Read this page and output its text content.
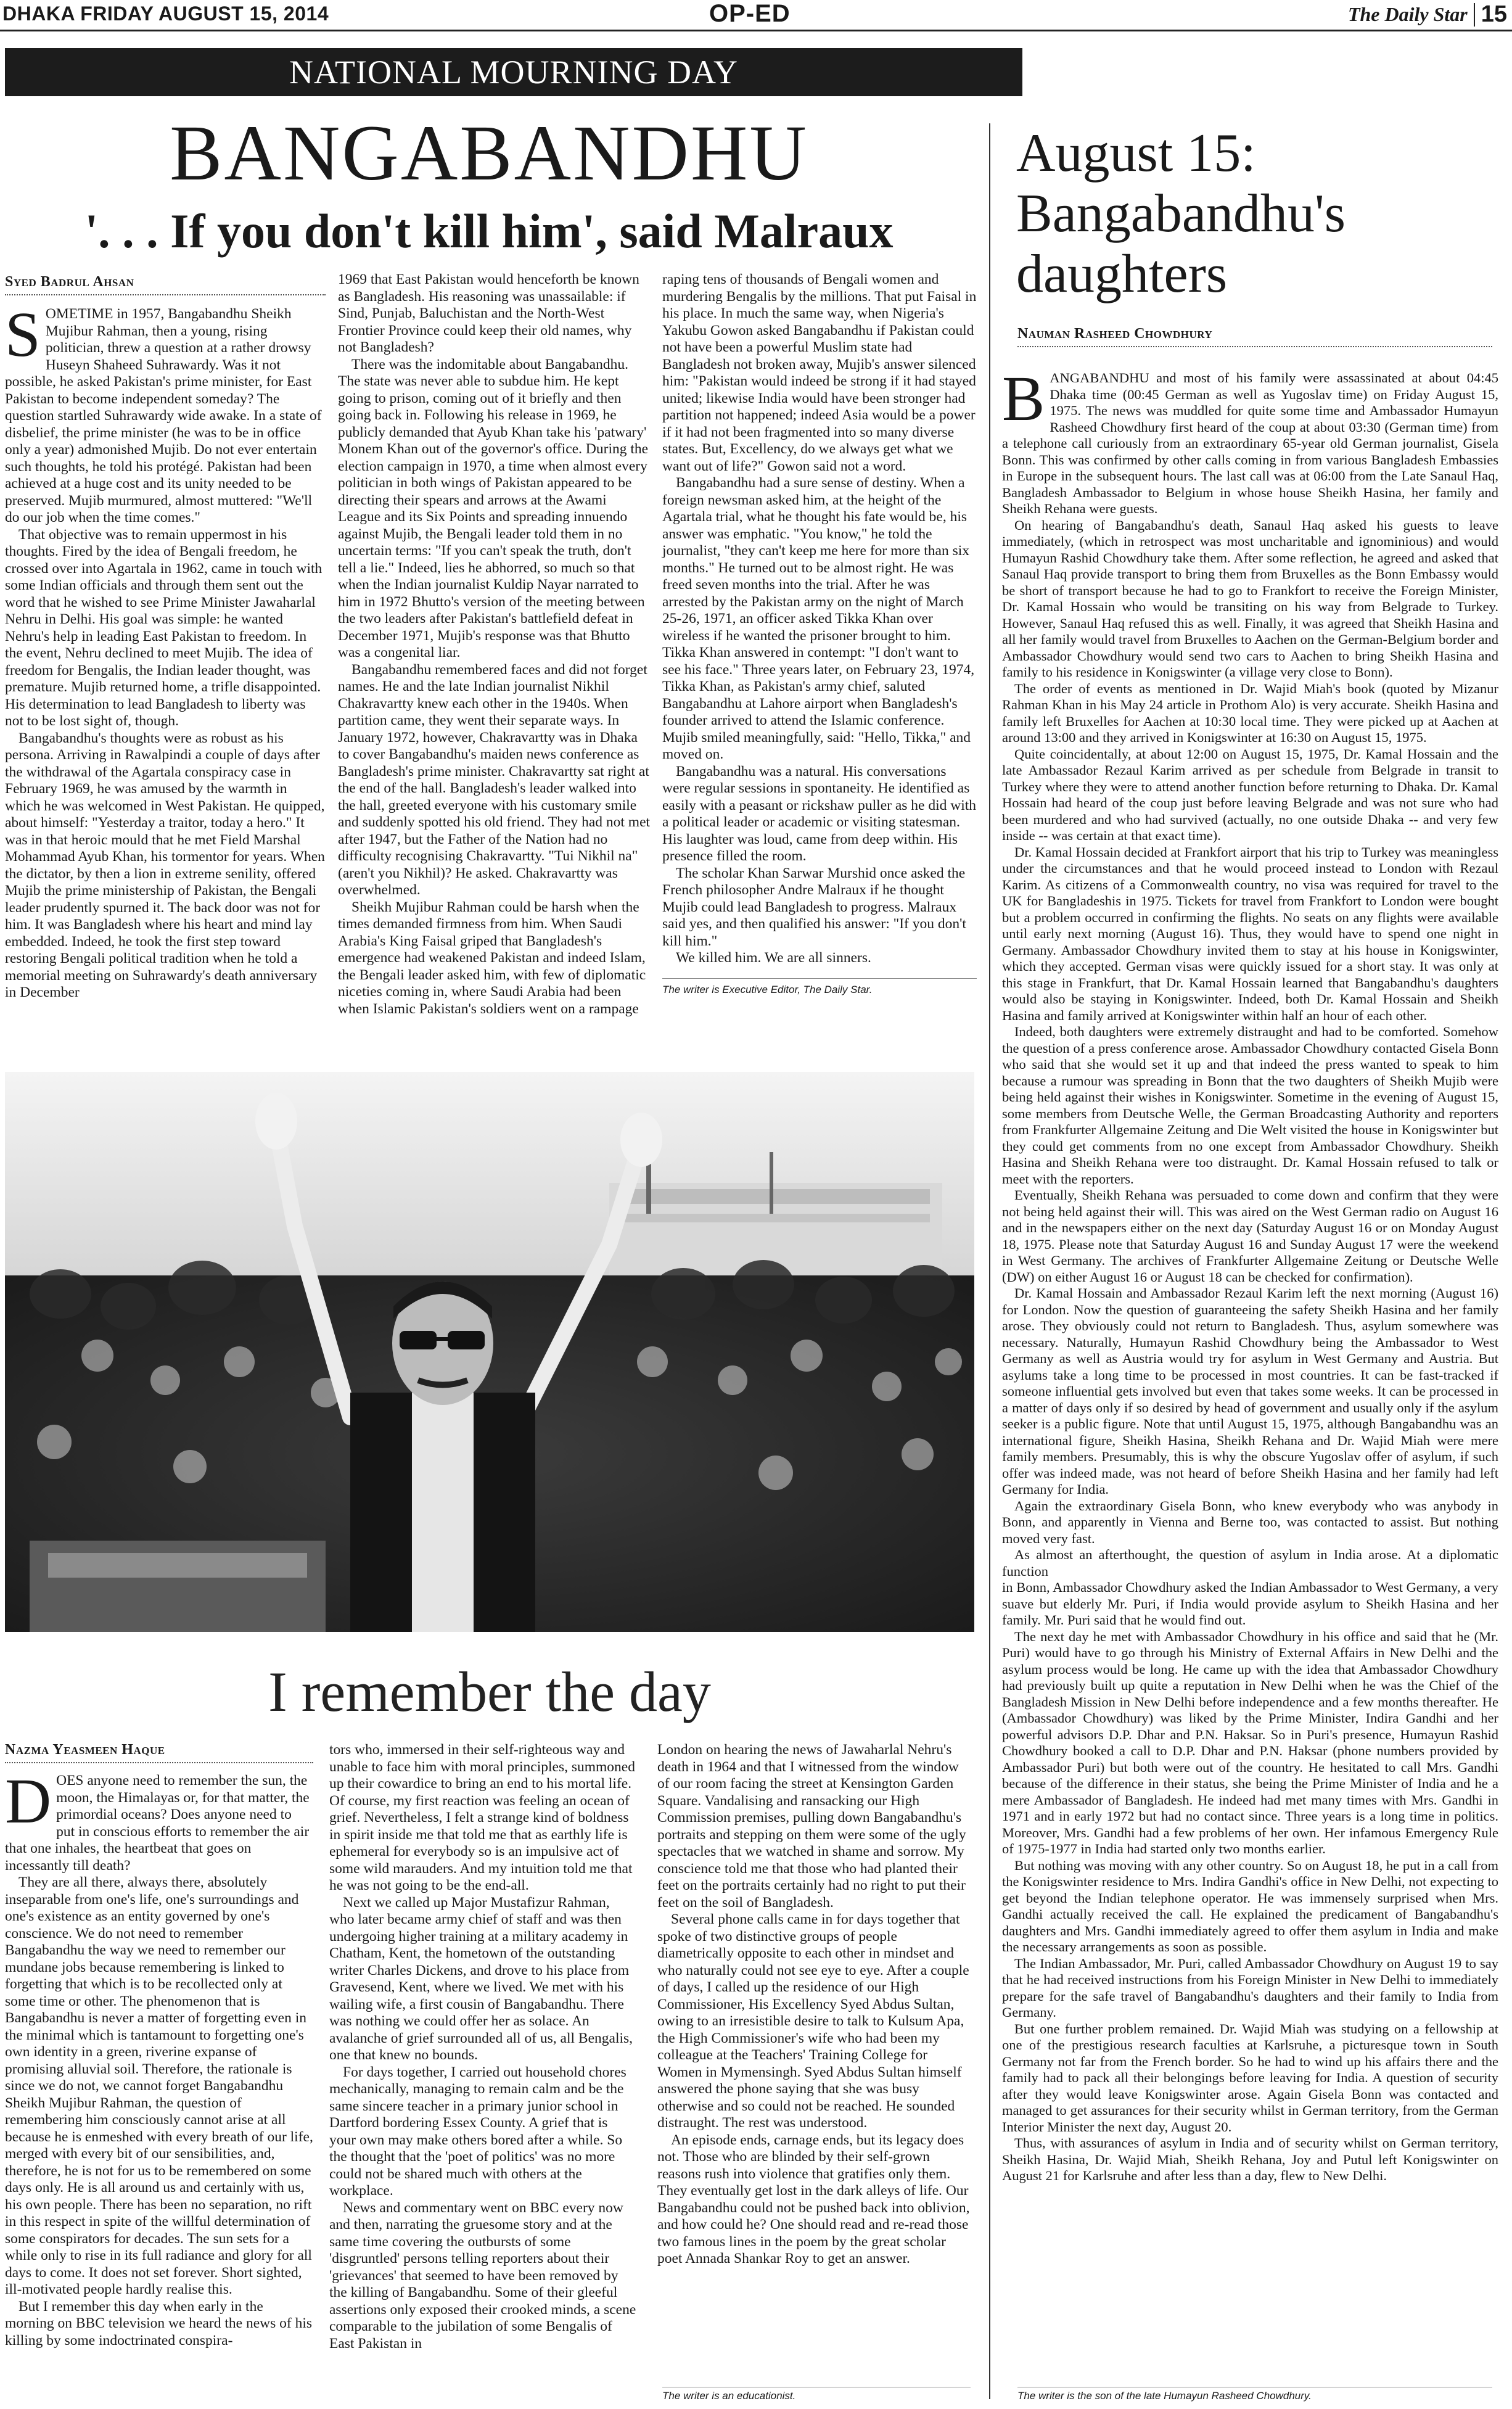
DHAKA FRIDAY AUGUST 15, 2014	OP-ED	The Daily Star 15
NATIONAL MOURNING DAY
BANGABANDHU
'. . . If you don't kill him', said Malraux
Syed Badrul Ahsan

SOMETIME in 1957, Bangabandhu Sheikh Mujibur Rahman, then a young, rising politician, threw a question at a rather drowsy Huseyn Shaheed Suhrawardy. Was it not possible, he asked Pakistan's prime minister, for East Pakistan to become independent someday? The question startled Suhrawardy wide awake. In a state of disbelief, the prime minister (he was to be in office only a year) admonished Mujib. Do not ever entertain such thoughts, he told his protégé. Pakistan had been achieved at a huge cost and its unity needed to be preserved. Mujib murmured, almost muttered: "We'll do our job when the time comes."

That objective was to remain uppermost in his thoughts. Fired by the idea of Bengali freedom, he crossed over into Agartala in 1962, came in touch with some Indian officials and through them sent out the word that he wished to see Prime Minister Jawaharlal Nehru in Delhi. His goal was simple: he wanted Nehru's help in leading East Pakistan to freedom. In the event, Nehru declined to meet Mujib. The idea of freedom for Bengalis, the Indian leader thought, was premature. Mujib returned home, a trifle disappointed. His determination to lead Bangladesh to liberty was not to be lost sight of, though.

Bangabandhu's thoughts were as robust as his persona. Arriving in Rawalpindi a couple of days after the withdrawal of the Agartala conspiracy case in February 1969, he was amused by the warmth in which he was welcomed in West Pakistan. He quipped, about himself: "Yesterday a traitor, today a hero." It was in that heroic mould that he met Field Marshal Mohammad Ayub Khan, his tormentor for years. When the dictator, by then a lion in extreme senility, offered Mujib the prime ministership of Pakistan, the Bengali leader prudently spurned it. The back door was not for him. It was Bangladesh where his heart and mind lay embedded. Indeed, he took the first step toward restoring Bengali political tradition when he told a memorial meeting on Suhrawardy's death anniversary in December

1969 that East Pakistan would henceforth be known as Bangladesh. His reasoning was unassailable: if Sind, Punjab, Baluchistan and the North-West Frontier Province could keep their old names, why not Bangladesh?

There was the indomitable about Bangabandhu. The state was never able to subdue him. He kept going to prison, coming out of it briefly and then going back in. Following his release in 1969, he publicly demanded that Ayub Khan take his 'patwary' Monem Khan out of the governor's office. During the election campaign in 1970, a time when almost every politician in both wings of Pakistan appeared to be directing their spears and arrows at the Awami League and its Six Points and spreading innuendo against Mujib, the Bengali leader told them in no uncertain terms: "If you can't speak the truth, don't tell a lie." Indeed, lies he abhorred, so much so that when the Indian journalist Kuldip Nayar narrated to him in 1972 Bhutto's version of the meeting between the two leaders after Pakistan's battlefield defeat in December 1971, Mujib's response was that Bhutto was a congenital liar.

Bangabandhu remembered faces and did not forget names. He and the late Indian journalist Nikhil Chakravartty knew each other in the 1940s. When partition came, they went their separate ways. In January 1972, however, Chakravartty was in Dhaka to cover Bangabandhu's maiden news conference as Bangladesh's prime minister. Chakravartty sat right at the end of the hall. Bangladesh's leader walked into the hall, greeted everyone with his customary smile and suddenly spotted his old friend. They had not met after 1947, but the Father of the Nation had no difficulty recognising Chakravartty. "Tui Nikhil na" (aren't you Nikhil)? He asked. Chakravartty was overwhelmed.

Sheikh Mujibur Rahman could be harsh when the times demanded firmness from him. When Saudi Arabia's King Faisal griped that Bangladesh's emergence had weakened Pakistan and indeed Islam, the Bengali leader asked him, with few of diplomatic niceties coming in, where Saudi Arabia had been when Islamic Pakistan's soldiers went on a rampage

raping tens of thousands of Bengali women and murdering Bengalis by the millions. That put Faisal in his place. In much the same way, when Nigeria's Yakubu Gowon asked Bangabandhu if Pakistan could not have been a powerful Muslim state had Bangladesh not broken away, Mujib's answer silenced him: "Pakistan would indeed be strong if it had stayed united; likewise India would have been stronger had partition not happened; indeed Asia would be a power if it had not been fragmented into so many diverse states. But, Excellency, do we always get what we want out of life?" Gowon said not a word.

Bangabandhu had a sure sense of destiny. When a foreign newsman asked him, at the height of the Agartala trial, what he thought his fate would be, his answer was emphatic. "You know," he told the journalist, "they can't keep me here for more than six months." He turned out to be almost right. He was freed seven months into the trial. After he was arrested by the Pakistan army on the night of March 25-26, 1971, an officer asked Tikka Khan over wireless if he wanted the prisoner brought to him. Tikka Khan answered in contempt: "I don't want to see his face." Three years later, on February 23, 1974, Tikka Khan, as Pakistan's army chief, saluted Bangabandhu at Lahore airport when Bangladesh's founder arrived to attend the Islamic conference. Mujib smiled meaningfully, said: "Hello, Tikka," and moved on.

Bangabandhu was a natural. His conversations were regular sessions in spontaneity. He identified as easily with a peasant or rickshaw puller as he did with a political leader or academic or visiting statesman. His laughter was loud, came from deep within. His presence filled the room.

The scholar Khan Sarwar Murshid once asked the French philosopher Andre Malraux if he thought Mujib could lead Bangladesh to progress. Malraux said yes, and then qualified his answer: "If you don't kill him."

We killed him. We are all sinners.

The writer is Executive Editor, The Daily Star.
I remember the day
Nazma Yeasmeen Haque

DOES anyone need to remember the sun, the moon, the Himalayas or, for that matter, the primordial oceans? Does anyone need to put in conscious efforts to remember the air that one inhales, the heartbeat that goes on incessantly till death?

They are all there, always there, absolutely inseparable from one's life, one's surroundings and one's existence as an entity governed by one's conscience. We do not need to remember Bangabandhu the way we need to remember our mundane jobs because remembering is linked to forgetting that which is to be recollected only at some time or other. The phenomenon that is Bangabandhu is never a matter of forgetting even in the minimal which is tantamount to forgetting one's own identity in a green, riverine expanse of promising alluvial soil. Therefore, the rationale is since we do not, we cannot forget Bangabandhu Sheikh Mujibur Rahman, the question of remembering him consciously cannot arise at all because he is enmeshed with every breath of our life, merged with every bit of our sensibilities, and, therefore, he is not for us to be remembered on some days only. He is all around us and certainly with us, his own people. There has been no separation, no rift in this respect in spite of the willful determination of some conspirators for decades. The sun sets for a while only to rise in its full radiance and glory for all days to come. It does not set forever. Short sighted, ill-motivated people hardly realise this.

But I remember this day when early in the morning on BBC television we heard the news of his killing by some indoctrinated conspira-

tors who, immersed in their self-righteous way and unable to face him with moral principles, summoned up their cowardice to bring an end to his mortal life. Of course, my first reaction was feeling an ocean of grief. Nevertheless, I felt a strange kind of boldness in spirit inside me that told me that as earthly life is ephemeral for everybody so is an impulsive act of some wild marauders. And my intuition told me that he was not going to be the end-all.

Next we called up Major Mustafizur Rahman, who later became army chief of staff and was then undergoing higher training at a military academy in Chatham, Kent, the hometown of the outstanding writer Charles Dickens, and drove to his place from Gravesend, Kent, where we lived. We met with his wailing wife, a first cousin of Bangabandhu. There was nothing we could offer her as solace. An avalanche of grief surrounded all of us, all Bengalis, one that knew no bounds.

For days together, I carried out household chores mechanically, managing to remain calm and be the same sincere teacher in a primary junior school in Dartford bordering Essex County. A grief that is your own may make others bored after a while. So the thought that the 'poet of politics' was no more could not be shared much with others at the workplace.

News and commentary went on BBC every now and then, narrating the gruesome story and at the same time covering the outbursts of some 'disgruntled' persons telling reporters about their 'grievances' that seemed to have been removed by the killing of Bangabandhu. Some of their gleeful assertions only exposed their crooked minds, a scene comparable to the jubilation of some Bengalis of East Pakistan in

London on hearing the news of Jawaharlal Nehru's death in 1964 and that I witnessed from the window of our room facing the street at Kensington Garden Square. Vandalising and ransacking our High Commission premises, pulling down Bangabandhu's portraits and stepping on them were some of the ugly spectacles that we watched in shame and sorrow. My conscience told me that those who had planted their feet on the portraits certainly had no right to put their feet on the soil of Bangladesh.

Several phone calls came in for days together that spoke of two distinctive groups of people diametrically opposite to each other in mindset and who naturally could not see eye to eye. After a couple of days, I called up the residence of our High Commissioner, His Excellency Syed Abdus Sultan, owing to an irresistible desire to talk to Kulsum Apa, the High Commissioner's wife who had been my colleague at the Teachers' Training College for Women in Mymensingh. Syed Abdus Sultan himself answered the phone saying that she was busy otherwise and so could not be reached. He sounded distraught. The rest was understood.

An episode ends, carnage ends, but its legacy does not. Those who are blinded by their self-grown reasons rush into violence that gratifies only them. They eventually get lost in the dark alleys of life. Our Bangabandhu could not be pushed back into oblivion, and how could he? One should read and re-read those two famous lines in the poem by the great scholar poet Annada Shankar Roy to get an answer.

The writer is an educationist.
August 15: Bangabandhu's daughters
Nauman Rasheed Chowdhury

BANGABANDHU and most of his family were assassinated at about 04:45 Dhaka time (00:45 German as well as Yugoslav time) on Friday August 15, 1975. The news was muddled for quite some time and Ambassador Humayun Rasheed Chowdhury first heard of the coup at about 03:30 (German time) from a telephone call curiously from an extraordinary 65-year old German journalist, Gisela Bonn. This was confirmed by other calls coming in from various Bangladesh Embassies in Europe in the subsequent hours. The last call was at 06:00 from the Late Sanaul Haq, Bangladesh Ambassador to Belgium in whose house Sheikh Hasina, her family and Sheikh Rehana were guests.

On hearing of Bangabandhu's death, Sanaul Haq asked his guests to leave immediately, (which in retrospect was most uncharitable and ignominious) and would Humayun Rashid Chowdhury take them. After some reflection, he agreed and asked that Sanaul Haq provide transport to bring them from Bruxelles as the Bonn Embassy would be short of transport because he had to go to Frankfort to receive the Foreign Minister, Dr. Kamal Hossain who would be transiting on his way from Belgrade to Turkey. However, Sanaul Haq refused this as well. Finally, it was agreed that Sheikh Hasina and all her family would travel from Bruxelles to Aachen on the German-Belgium border and Ambassador Chowdhury would send two cars to Aachen to bring Sheikh Hasina and family to his residence in Konigswinter (a village very close to Bonn).

The order of events as mentioned in Dr. Wajid Miah's book (quoted by Mizanur Rahman Khan in his May 24 article in Prothom Alo) is very accurate. Sheikh Hasina and family left Bruxelles for Aachen at 10:30 local time. They were picked up at Aachen at around 13:00 and they arrived in Konigswinter at 16:30 on August 15, 1975.

Quite coincidentally, at about 12:00 on August 15, 1975, Dr. Kamal Hossain and the late Ambassador Rezaul Karim arrived as per schedule from Belgrade in transit to Turkey where they were to attend another function before returning to Dhaka. Dr. Kamal Hossain had heard of the coup just before leaving Belgrade and was not sure who had been murdered and who had survived (actually, no one outside Dhaka -- and very few inside -- was certain at that exact time).

Dr. Kamal Hossain decided at Frankfort airport that his trip to Turkey was meaningless under the circumstances and that he would proceed instead to London with Rezaul Karim. As citizens of a Commonwealth country, no visa was required for travel to the UK for Bangladeshis in 1975. Tickets for travel from Frankfort to London were bought but a problem occurred in confirming the flights. No seats on any flights were available until early next morning (August 16). Thus, they would have to spend one night in Germany. Ambassador Chowdhury invited them to stay at his house in Konigswinter, which they accepted. German visas were quickly issued for a short stay. It was only at this stage in Frankfurt, that Dr. Kamal Hossain learned that Bangabandhu's daughters would also be staying in Konigswinter. Indeed, both Dr. Kamal Hossain and Sheikh Hasina and family arrived at Konigswinter within half an hour of each other.

Indeed, both daughters were extremely distraught and had to be comforted. Somehow the question of a press conference arose. Ambassador Chowdhury contacted Gisela Bonn who said that she would set it up and that indeed the press wanted to speak to him because a rumour was spreading in Bonn that the two daughters of Sheikh Mujib were being held against their wishes in Konigswinter. Sometime in the evening of August 15, some members from Deutsche Welle, the German Broadcasting Authority and reporters from Frankfurter Allgemaine Zeitung and Die Welt visited the house in Konigswinter but they could get comments from no one except from Ambassador Chowdhury. Sheikh Hasina and Sheikh Rehana were too distraught. Dr. Kamal Hossain refused to talk or meet with the reporters.

Eventually, Sheikh Rehana was persuaded to come down and confirm that they were not being held against their will. This was aired on the West German radio on August 16 and in the newspapers either on the next day (Saturday August 16 or on Monday August 18, 1975. Please note that Saturday August 16 and Sunday August 17 were the weekend in West Germany. The archives of Frankfurter Allgemaine Zeitung or Deutsche Welle (DW) on either August 16 or August 18 can be checked for confirmation).

Dr. Kamal Hossain and Ambassador Rezaul Karim left the next morning (August 16) for London. Now the question of guaranteeing the safety Sheikh Hasina and her family arose. They obviously could not return to Bangladesh. Thus, asylum somewhere was necessary. Naturally, Humayun Rashid Chowdhury being the Ambassador to West Germany as well as Austria would try for asylum in West Germany and Austria. But asylums take a long time to be processed in most countries. It can be fast-tracked if someone influential gets involved but even that takes some weeks. It can be processed in a matter of days only if so desired by head of government and usually only if the asylum seeker is a public figure. Note that until August 15, 1975, although Bangabandhu was an international figure, Sheikh Hasina, Sheikh Rehana and Dr. Wajid Miah were mere family members. Presumably, this is why the obscure Yugoslav offer of asylum, if such offer was indeed made, was not heard of before Sheikh Hasina and her family had left Germany for India.

Again the extraordinary Gisela Bonn, who knew everybody who was anybody in Bonn, and apparently in Vienna and Berne too, was contacted to assist. But nothing moved very fast.

As almost an afterthought, the question of asylum in India arose. At a diplomatic function

in Bonn, Ambassador Chowdhury asked the Indian Ambassador to West Germany, a very suave but elderly Mr. Puri, if India would provide asylum to Sheikh Hasina and her family. Mr. Puri said that he would find out.

The next day he met with Ambassador Chowdhury in his office and said that he (Mr. Puri) would have to go through his Ministry of External Affairs in New Delhi and the asylum process would be long. He came up with the idea that Ambassador Chowdhury had previously built up quite a reputation in New Delhi when he was the Chief of the Bangladesh Mission in New Delhi before independence and a few months thereafter. He (Ambassador Chowdhury) was liked by the Prime Minister, Indira Gandhi and her powerful advisors D.P. Dhar and P.N. Haksar. So in Puri's presence, Humayun Rashid Chowdhury booked a call to D.P. Dhar and P.N. Haksar (phone numbers provided by Ambassador Puri) but both were out of the country. He hesitated to call Mrs. Gandhi because of the difference in their status, she being the Prime Minister of India and he a mere Ambassador of Bangladesh. He indeed had met many times with Mrs. Gandhi in 1971 and in early 1972 but had no contact since. Three years is a long time in politics. Moreover, Mrs. Gandhi had a few problems of her own. Her infamous Emergency Rule of 1975-1977 in India had started only two months earlier.

But nothing was moving with any other country. So on August 18, he put in a call from the Konigswinter residence to Mrs. Indira Gandhi's office in New Delhi, not expecting to get beyond the Indian telephone operator. He was immensely surprised when Mrs. Gandhi actually received the call. He explained the predicament of Bangabandhu's daughters and Mrs. Gandhi immediately agreed to offer them asylum in India and make the necessary arrangements as soon as possible.

The Indian Ambassador, Mr. Puri, called Ambassador Chowdhury on August 19 to say that he had received instructions from his Foreign Minister in New Delhi to immediately prepare for the safe travel of Bangabandhu's daughters and their family to India from Germany.

But one further problem remained. Dr. Wajid Miah was studying on a fellowship at one of the prestigious research faculties at Karlsruhe, a picturesque town in South Germany not far from the French border. So he had to wind up his affairs there and the family had to pack all their belongings before leaving for India. A question of security after they would leave Konigswinter arose. Again Gisela Bonn was contacted and managed to get assurances for their security whilst in German territory, from the German Interior Minister the next day, August 20.

Thus, with assurances of asylum in India and of security whilst on German territory, Sheikh Hasina, Dr. Wajid Miah, Sheikh Rehana, Joy and Putul left Konigswinter on August 21 for Karlsruhe and after less than a day, flew to New Delhi.

The writer is the son of the late Humayun Rasheed Chowdhury.
